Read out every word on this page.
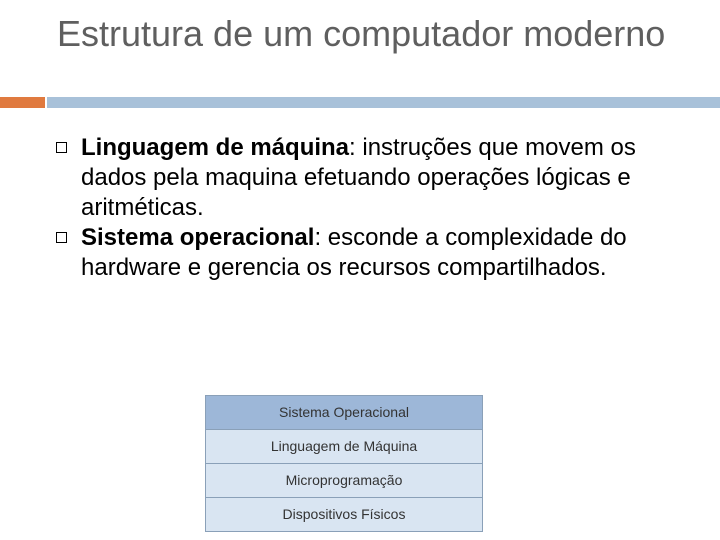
Estrutura de um computador moderno
Linguagem de máquina: instruções que movem os dados pela maquina efetuando operações lógicas e aritméticas.
Sistema operacional: esconde a complexidade do hardware e gerencia os recursos compartilhados.
Sistema Operacional
Linguagem de Máquina
Microprogramação
Dispositivos Físicos
